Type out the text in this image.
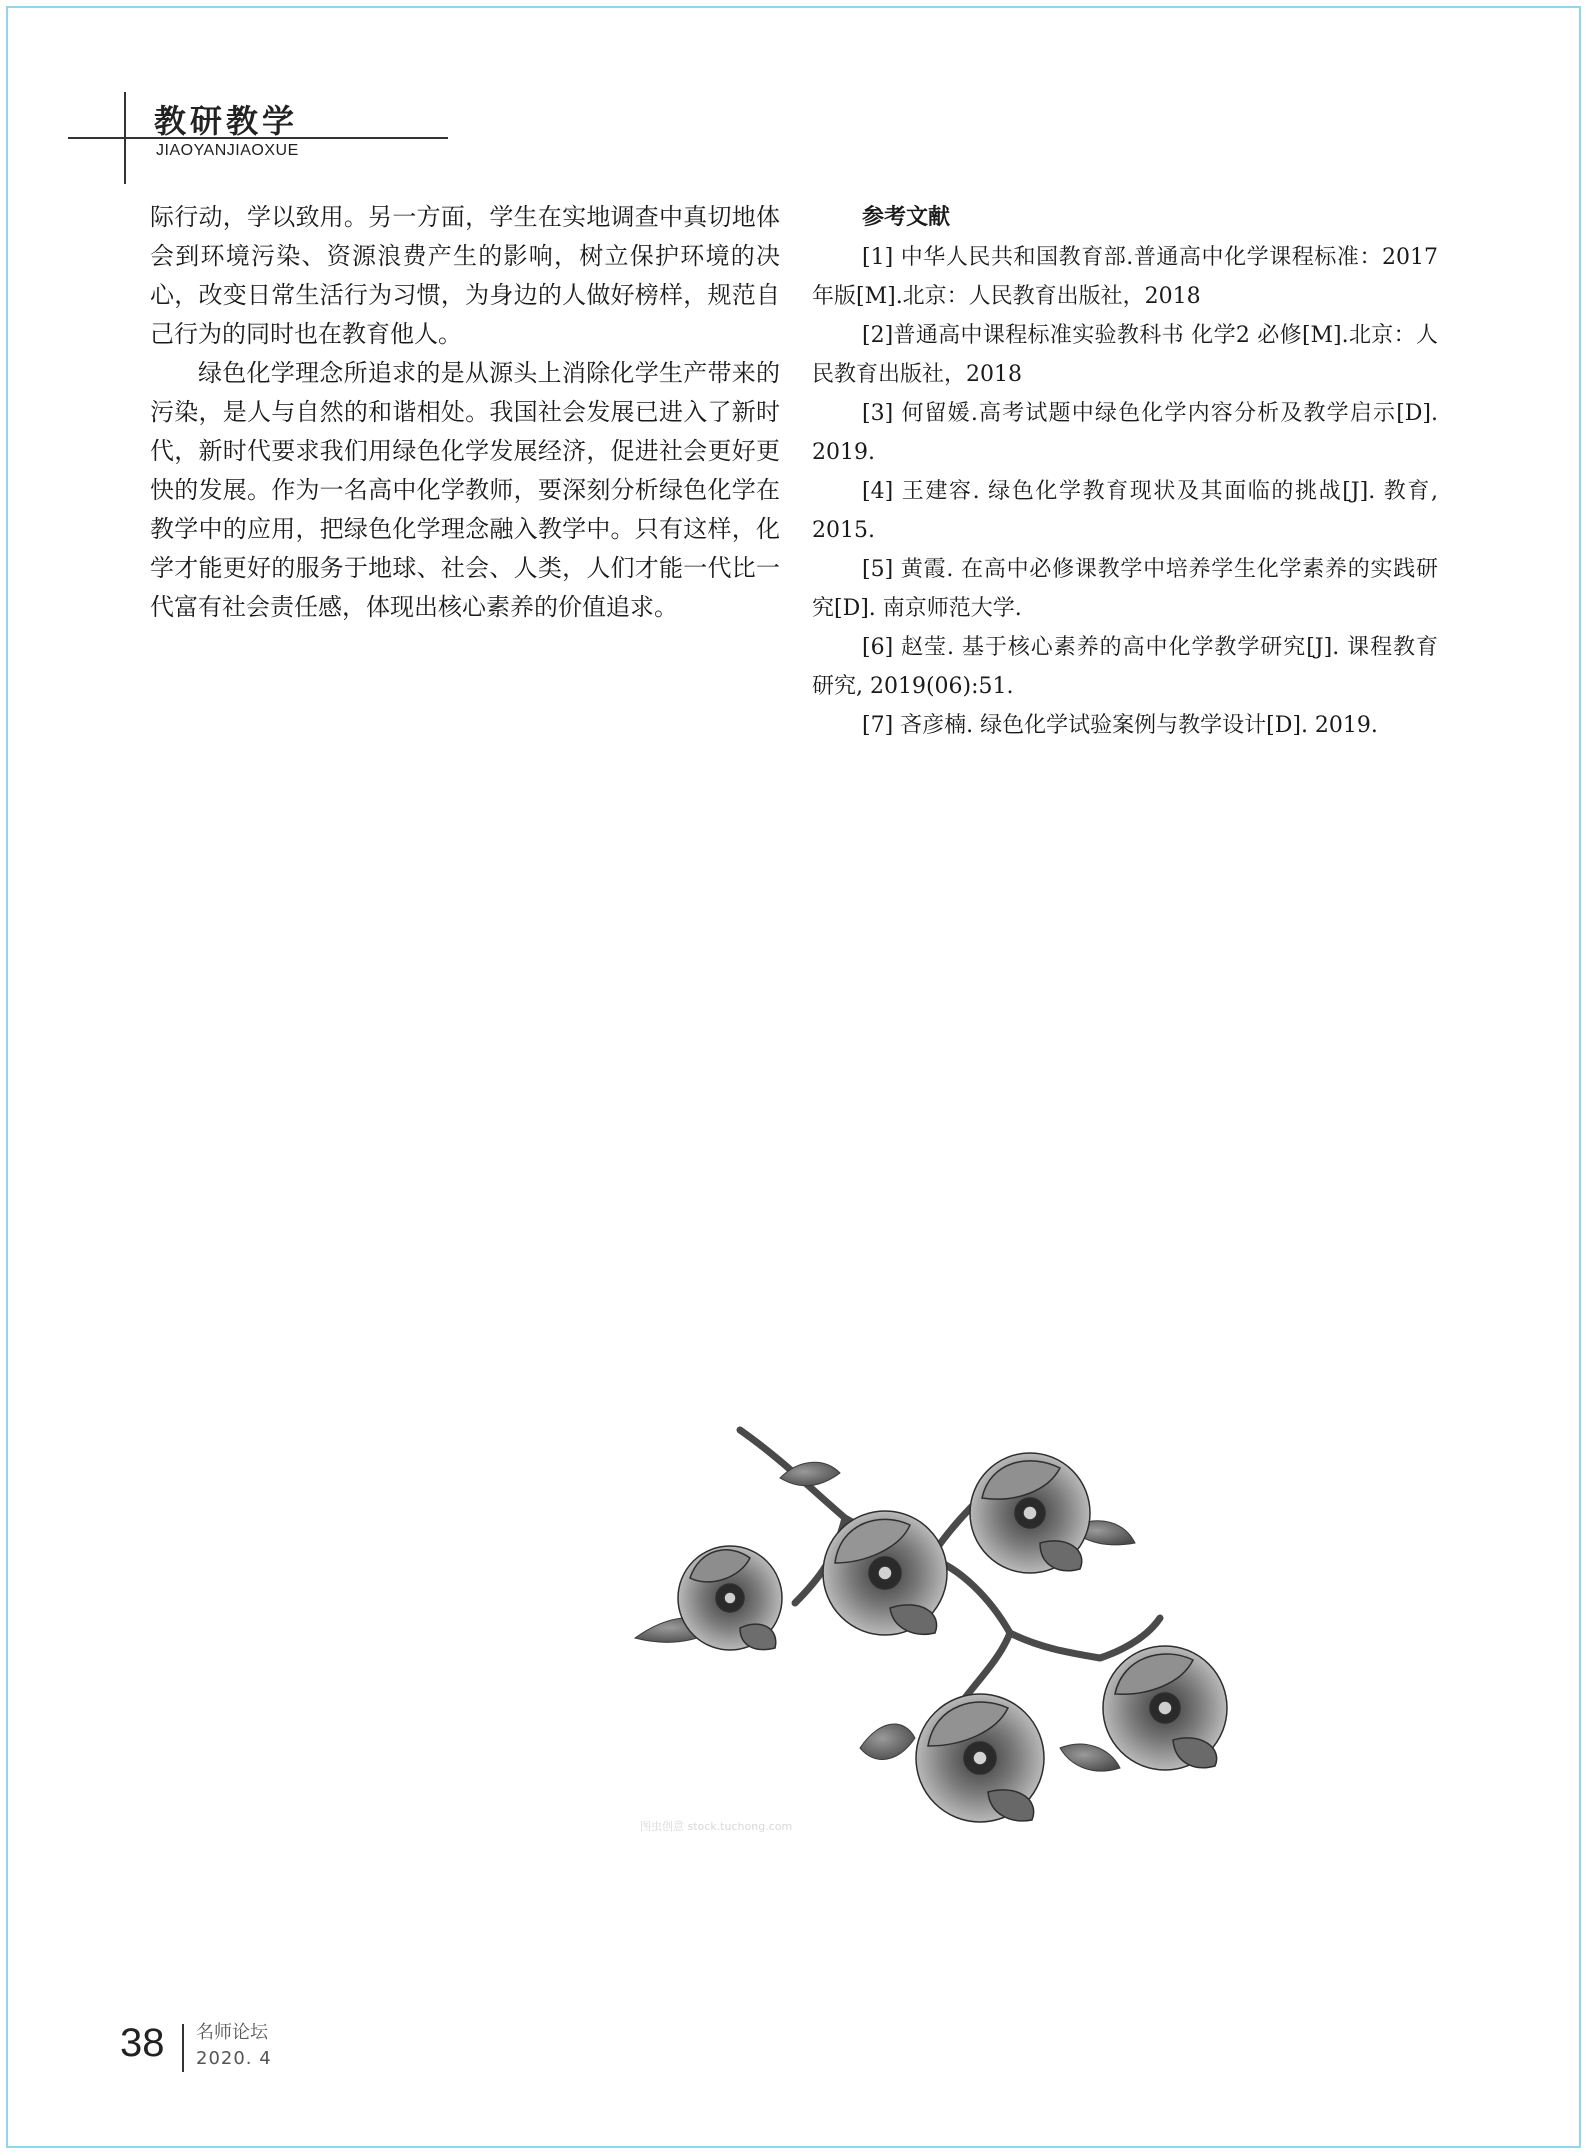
教研教学
JIAOYANJIAOXUE

际行动，学以致用。另一方面，学生在实地调查中真切地体会到环境污染、资源浪费产生的影响，树立保护环境的决心，改变日常生活行为习惯，为身边的人做好榜样，规范自己行为的同时也在教育他人。

绿色化学理念所追求的是从源头上消除化学生产带来的污染，是人与自然的和谐相处。我国社会发展已进入了新时代，新时代要求我们用绿色化学发展经济，促进社会更好更快的发展。作为一名高中化学教师，要深刻分析绿色化学在教学中的应用，把绿色化学理念融入教学中。只有这样，化学才能更好的服务于地球、社会、人类，人们才能一代比一代富有社会责任感，体现出核心素养的价值追求。

参考文献
[1] 中华人民共和国教育部.普通高中化学课程标准：2017年版[M].北京：人民教育出版社，2018
[2]普通高中课程标准实验教科书 化学2 必修[M].北京：人民教育出版社，2018
[3] 何留媛.高考试题中绿色化学内容分析及教学启示[D]. 2019.
[4] 王建容. 绿色化学教育现状及其面临的挑战[J]. 教育, 2015.
[5] 黄霞. 在高中必修课教学中培养学生化学素养的实践研究[D]. 南京师范大学.
[6] 赵莹. 基于核心素养的高中化学教学研究[J]. 课程教育研究, 2019(06):51.
[7] 吝彦楠. 绿色化学试验案例与教学设计[D]. 2019.
图虫创意 stock.tuchong.com
38 名师论坛
2020. 4
